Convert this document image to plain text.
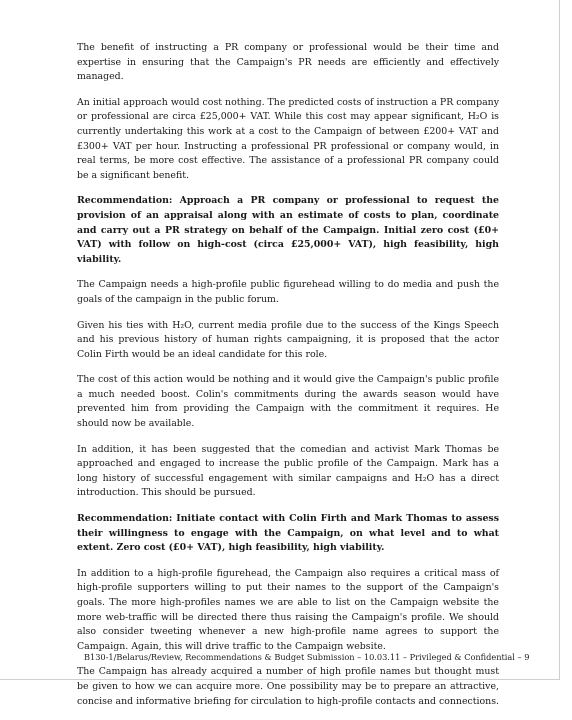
The benefit of instructing a PR company or professional would be their time and expertise in ensuring that the Campaign's PR needs are efficiently and effectively managed.

An initial approach would cost nothing. The predicted costs of instruction a PR company or professional are circa £25,000+ VAT. While this cost may appear significant, H₂O is currently undertaking this work at a cost to the Campaign of between £200+ VAT and £300+ VAT per hour. Instructing a professional PR professional or company would, in real terms, be more cost effective. The assistance of a professional PR company could be a significant benefit.

Recommendation: Approach a PR company or professional to request the provision of an appraisal along with an estimate of costs to plan, coordinate and carry out a PR strategy on behalf of the Campaign. Initial zero cost (£0+ VAT) with follow on high-cost (circa £25,000+ VAT), high feasibility, high viability.

The Campaign needs a high-profile public figurehead willing to do media and push the goals of the campaign in the public forum.

Given his ties with H₂O, current media profile due to the success of the Kings Speech and his previous history of human rights campaigning, it is proposed that the actor Colin Firth would be an ideal candidate for this role.

The cost of this action would be nothing and it would give the Campaign's public profile a much needed boost. Colin's commitments during the awards season would have prevented him from providing the Campaign with the commitment it requires. He should now be available.

In addition, it has been suggested that the comedian and activist Mark Thomas be approached and engaged to increase the public profile of the Campaign. Mark has a long history of successful engagement with similar campaigns and H₂O has a direct introduction. This should be pursued.

Recommendation: Initiate contact with Colin Firth and Mark Thomas to assess their willingness to engage with the Campaign, on what level and to what extent. Zero cost (£0+ VAT), high feasibility, high viability.

In addition to a high-profile figurehead, the Campaign also requires a critical mass of high-profile supporters willing to put their names to the support of the Campaign's goals. The more high-profiles names we are able to list on the Campaign website the more web-traffic will be directed there thus raising the Campaign's profile. We should also consider tweeting whenever a new high-profile name agrees to support the Campaign. Again, this will drive traffic to the Campaign website.

The Campaign has already acquired a number of high profile names but thought must be given to how we can acquire more. One possibility may be to prepare an attractive, concise and informative briefing for circulation to high-profile contacts and connections.

B130-1/Belarus/Review, Recommendations & Budget Submission – 10.03.11 – Privileged & Confidential – 9
